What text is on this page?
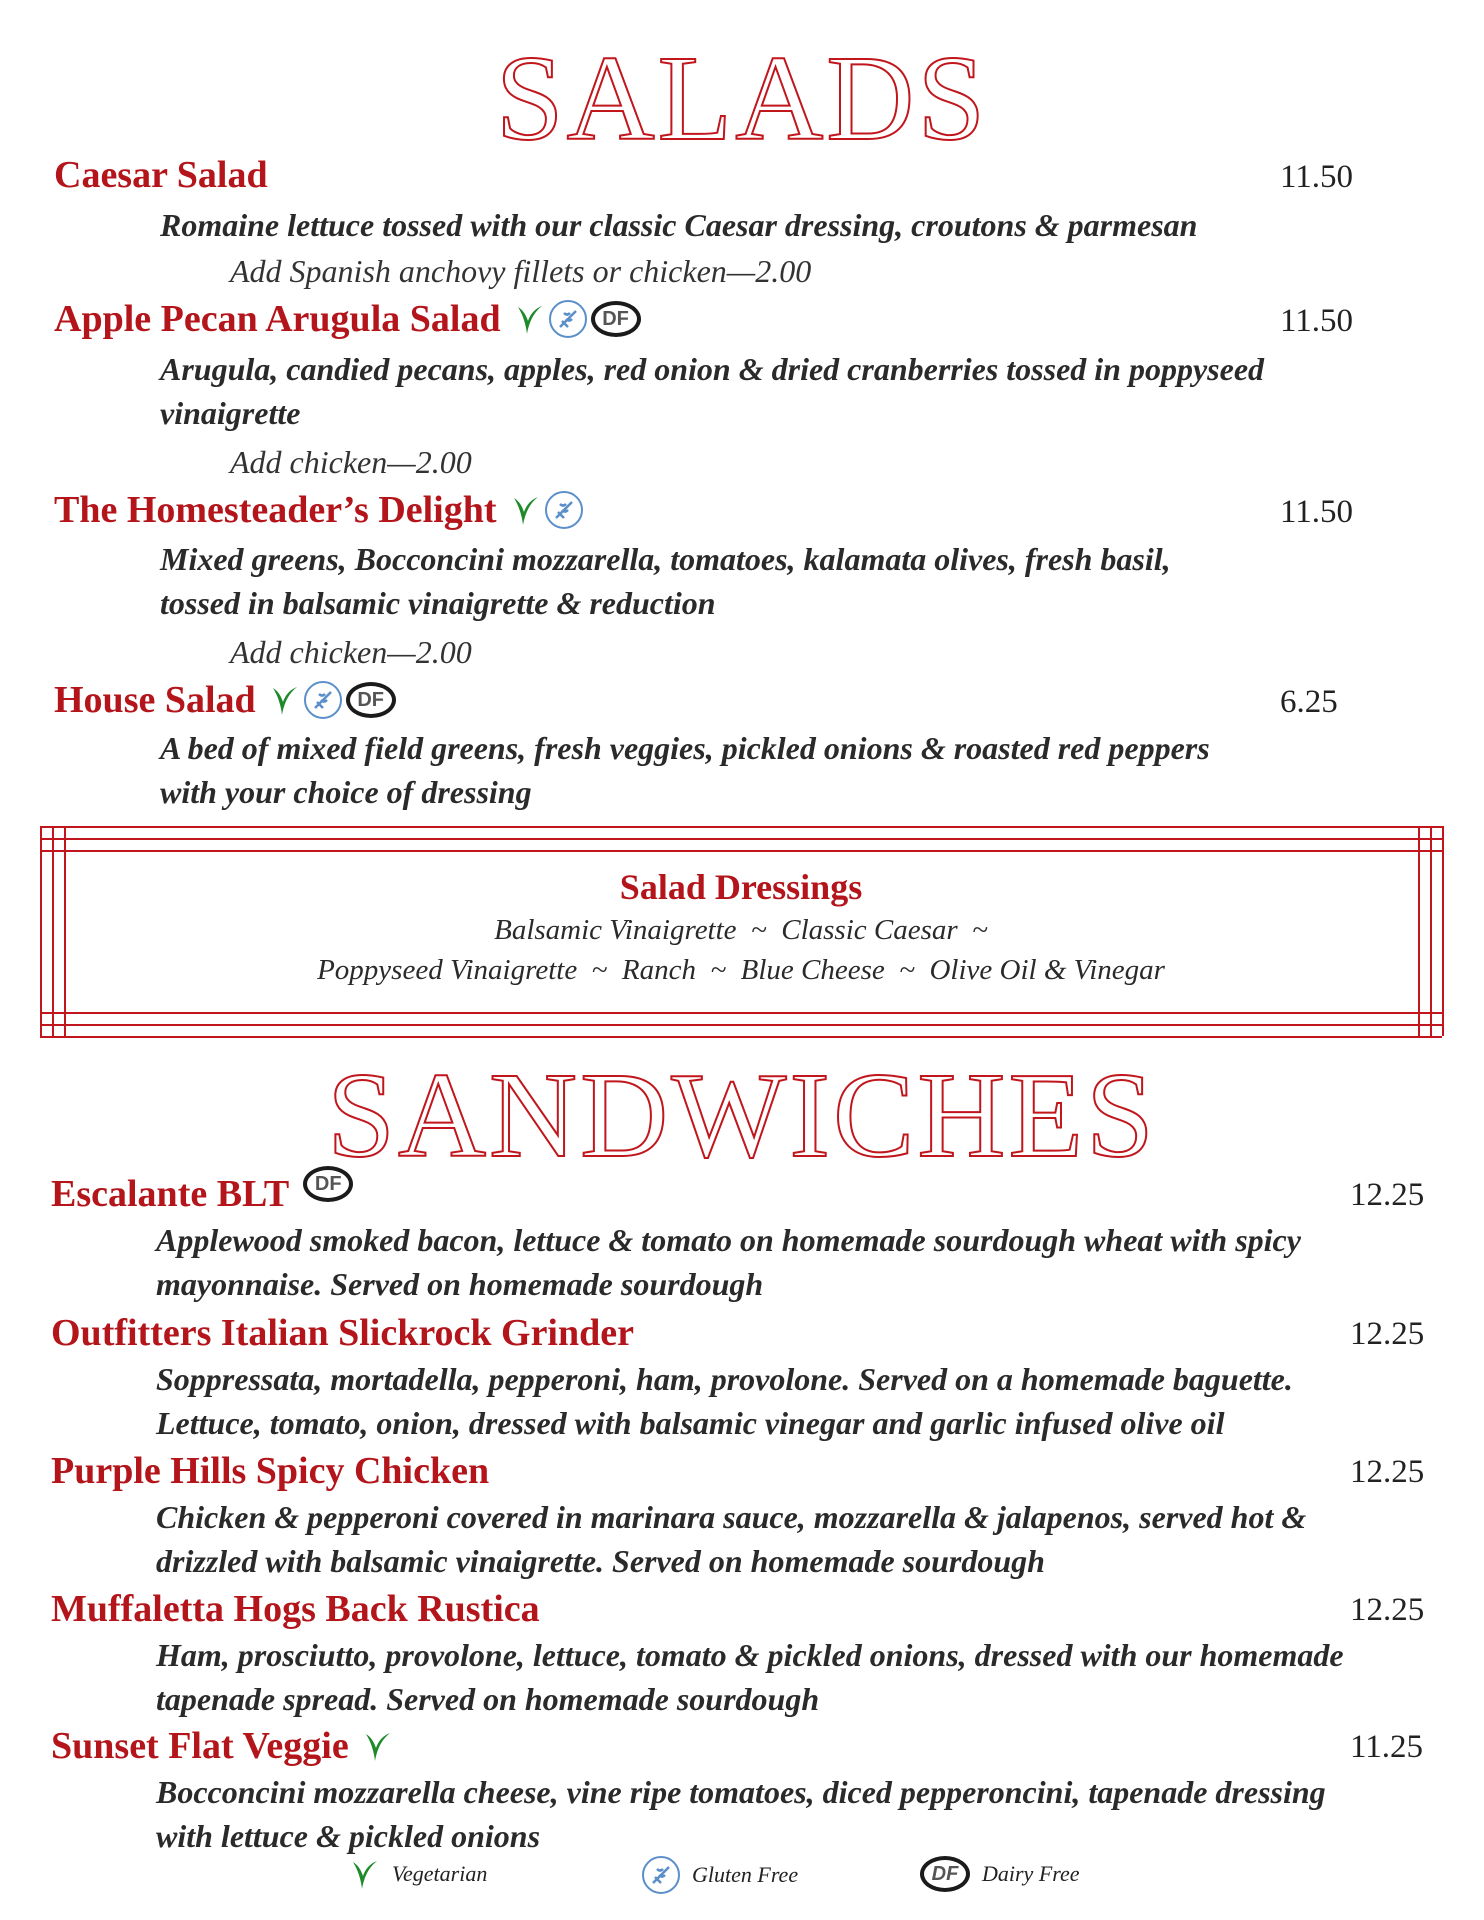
SALADS
Caesar Salad	11.50
Romaine lettuce tossed with our classic Caesar dressing, croutons & parmesan
Add Spanish anchovy fillets or chicken—2.00
Apple Pecan Arugula Salad	DF	11.50
Arugula, candied pecans, apples, red onion & dried cranberries tossed in poppyseed
vinaigrette
Add chicken—2.00
The Homesteader’s Delight	11.50
Mixed greens, Bocconcini mozzarella, tomatoes, kalamata olives, fresh basil,
tossed in balsamic vinaigrette & reduction
Add chicken—2.00
House Salad	DF	6.25
A bed of mixed field greens, fresh veggies, pickled onions & roasted red peppers
with your choice of dressing
Salad Dressings
Balsamic Vinaigrette  ~  Classic Caesar  ~
Poppyseed Vinaigrette  ~  Ranch  ~  Blue Cheese  ~  Olive Oil & Vinegar
SANDWICHES
Escalante BLT	DF	12.25
Applewood smoked bacon, lettuce & tomato on homemade sourdough wheat with spicy
mayonnaise. Served on homemade sourdough
Outfitters Italian Slickrock Grinder	12.25
Soppressata, mortadella, pepperoni, ham, provolone. Served on a homemade baguette.
Lettuce, tomato, onion, dressed with balsamic vinegar and garlic infused olive oil
Purple Hills Spicy Chicken	12.25
Chicken & pepperoni covered in marinara sauce, mozzarella & jalapenos, served hot &
drizzled with balsamic vinaigrette. Served on homemade sourdough
Muffaletta Hogs Back Rustica	12.25
Ham, prosciutto, provolone, lettuce, tomato & pickled onions, dressed with our homemade
tapenade spread. Served on homemade sourdough
Sunset Flat Veggie	11.25
Bocconcini mozzarella cheese, vine ripe tomatoes, diced pepperoncini, tapenade dressing
with lettuce & pickled onions
Vegetarian	Gluten Free	DF	Dairy Free
